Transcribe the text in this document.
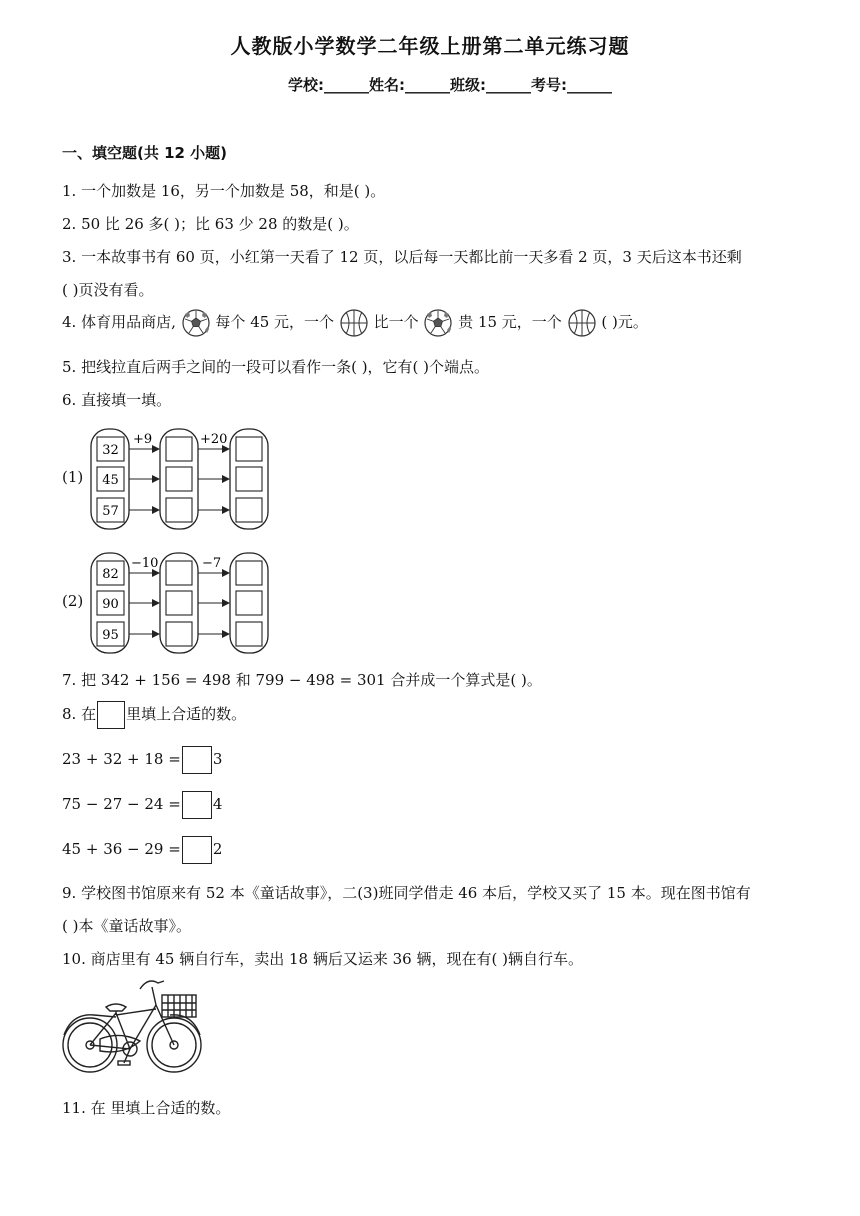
人教版小学数学二年级上册第二单元练习题
学校:______姓名:______班级:______考号:______
一、填空题(共 12 小题)
1. 一个加数是 16，另一个加数是 58，和是( )。
2. 50 比 26 多( )；比 63 少 28 的数是( )。
3. 一本故事书有 60 页，小红第一天看了 12 页，以后每一天都比前一天多看 2 页，3 天后这本书还剩
( )页没有看。
4. 体育用品商店,	每个 45 元，一个	比一个	贵 15 元，一个	( )元。
5. 把线拉直后两手之间的一段可以看作一条( )，它有( )个端点。
6. 直接填一填。
(1)
+9	+20
32
45
57
(2)
−10	−7
82
90
95
7. 把 342 + 156 = 498 和 799 − 498 = 301 合并成一个算式是( )。
8. 在 里填上合适的数。
23 + 32 + 18 = 3
75 − 27 − 24 = 4
45 + 36 − 29 = 2
9. 学校图书馆原来有 52 本《童话故事》，二(3)班同学借走 46 本后，学校又买了 15 本。现在图书馆有
( )本《童话故事》。
10. 商店里有 45 辆自行车，卖出 18 辆后又运来 36 辆，现在有( )辆自行车。
11. 在 里填上合适的数。
